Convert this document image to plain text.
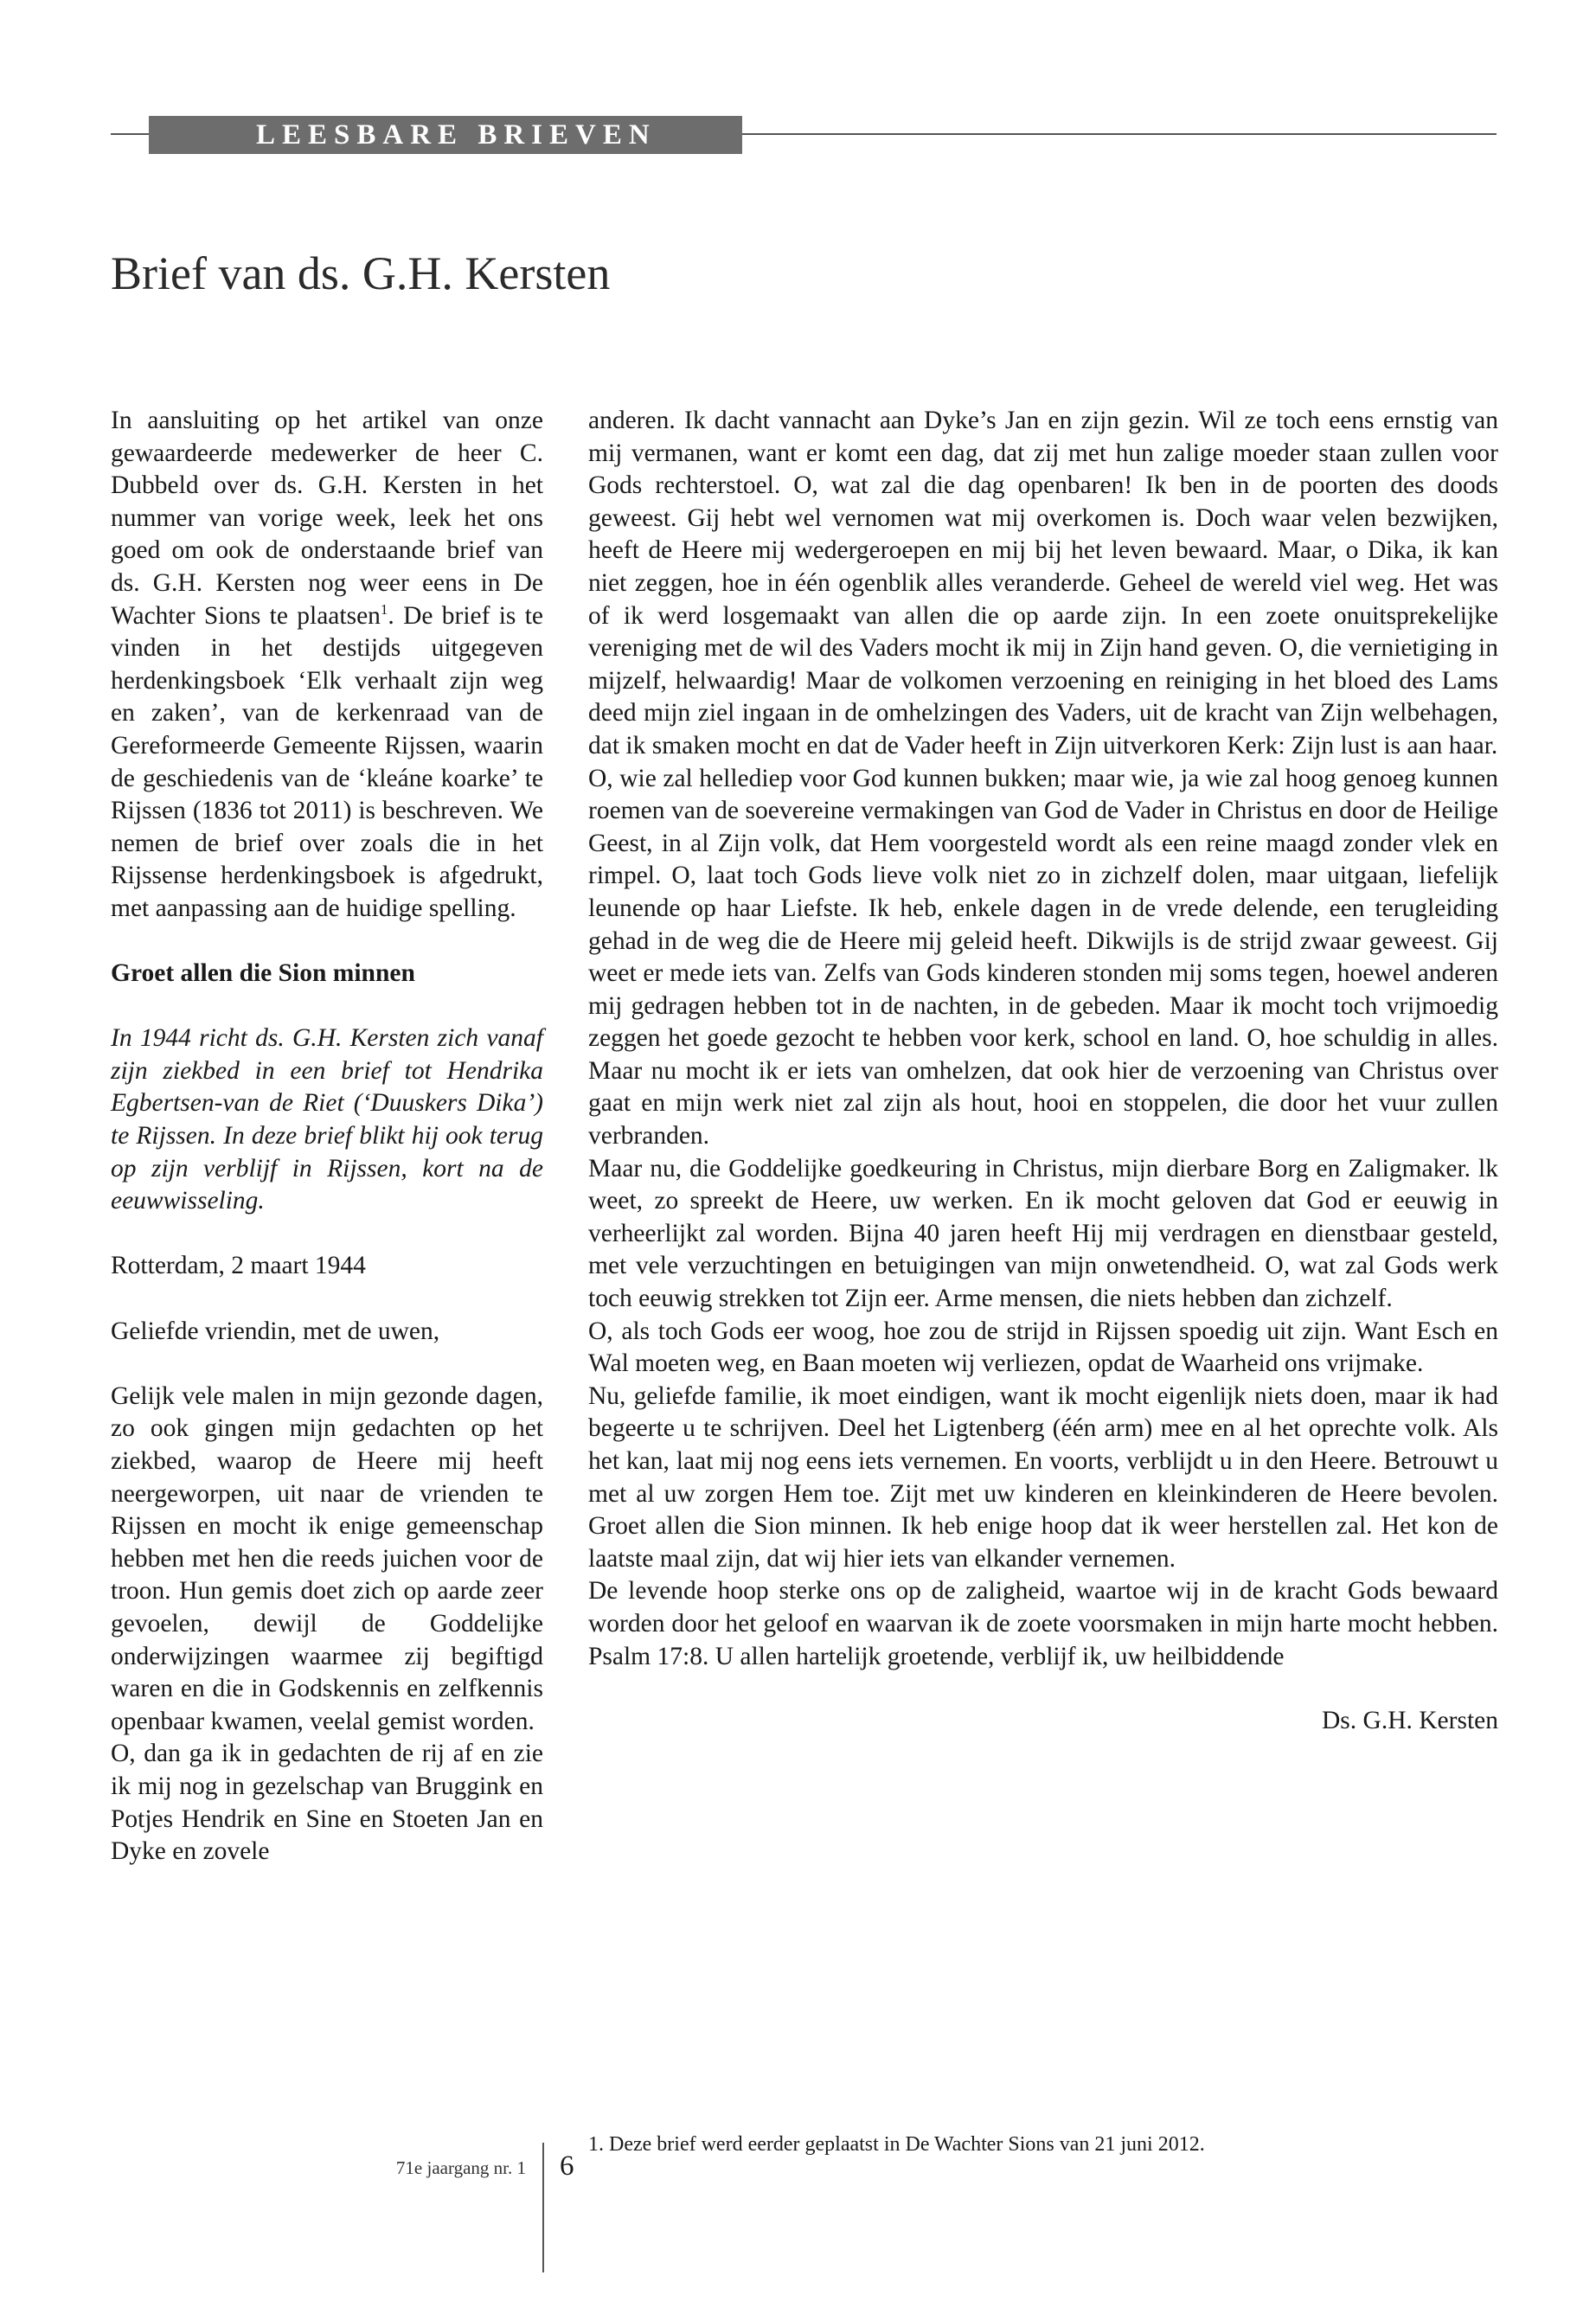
LEESBARE BRIEVEN
Brief van ds. G.H. Kersten

In aansluiting op het artikel van onze gewaardeerde medewerker de heer C. Dubbeld over ds. G.H. Kersten in het nummer van vorige week, leek het ons goed om ook de onderstaande brief van ds. G.H. Kersten nog weer eens in De Wachter Sions te plaatsen$^1$. De brief is te vinden in het destijds uitgegeven herdenkingsboek ‘Elk verhaalt zijn weg en zaken’, van de kerkenraad van de Gereformeerde Gemeente Rijssen, waarin de geschiedenis van de ‘kleáne koarke’ te Rijssen (1836 tot 2011) is beschreven. We nemen de brief over zoals die in het Rijssense herdenkingsboek is afgedrukt, met aanpassing aan de huidige spelling.

Groet allen die Sion minnen

In 1944 richt ds. G.H. Kersten zich vanaf zijn ziekbed in een brief tot Hendrika Egbertsen-van de Riet (‘Duuskers Dika’) te Rijssen. In deze brief blikt hij ook terug op zijn verblijf in Rijssen, kort na de eeuwwisseling.

Rotterdam, 2 maart 1944

Geliefde vriendin, met de uwen,

Gelijk vele malen in mijn gezonde dagen, zo ook gingen mijn gedachten op het ziekbed, waarop de Heere mij heeft neergeworpen, uit naar de vrienden te Rijssen en mocht ik enige gemeenschap hebben met hen die reeds juichen voor de troon. Hun gemis doet zich op aarde zeer gevoelen, dewijl de Goddelijke onderwijzingen waarmee zij begiftigd waren en die in Godskennis en zelfkennis openbaar kwamen, veelal gemist worden.

O, dan ga ik in gedachten de rij af en zie ik mij nog in gezelschap van Bruggink en Potjes Hendrik en Sine en Stoeten Jan en Dyke en zovele

anderen. Ik dacht vannacht aan Dyke’s Jan en zijn gezin. Wil ze toch eens ernstig van mij vermanen, want er komt een dag, dat zij met hun zalige moeder staan zullen voor Gods rechterstoel. O, wat zal die dag openbaren! Ik ben in de poorten des doods geweest. Gij hebt wel vernomen wat mij overkomen is. Doch waar velen bezwijken, heeft de Heere mij wedergeroepen en mij bij het leven bewaard. Maar, o Dika, ik kan niet zeggen, hoe in één ogenblik alles veranderde. Geheel de wereld viel weg. Het was of ik werd losgemaakt van allen die op aarde zijn. In een zoete onuitsprekelijke vereniging met de wil des Vaders mocht ik mij in Zijn hand geven. O, die vernietiging in mijzelf, helwaardig! Maar de volkomen verzoening en reiniging in het bloed des Lams deed mijn ziel ingaan in de omhelzingen des Vaders, uit de kracht van Zijn welbehagen, dat ik smaken mocht en dat de Vader heeft in Zijn uitverkoren Kerk: Zijn lust is aan haar.

O, wie zal hellediep voor God kunnen bukken; maar wie, ja wie zal hoog genoeg kunnen roemen van de soevereine vermakingen van God de Vader in Christus en door de Heilige Geest, in al Zijn volk, dat Hem voorgesteld wordt als een reine maagd zonder vlek en rimpel. O, laat toch Gods lieve volk niet zo in zichzelf dolen, maar uitgaan, liefelijk leunende op haar Liefste. Ik heb, enkele dagen in de vrede delende, een terugleiding gehad in de weg die de Heere mij geleid heeft. Dikwijls is de strijd zwaar geweest. Gij weet er mede iets van. Zelfs van Gods kinderen stonden mij soms tegen, hoewel anderen mij gedragen hebben tot in de nachten, in de gebeden. Maar ik mocht toch vrijmoedig zeggen het goede gezocht te hebben voor kerk, school en land. O, hoe schuldig in alles. Maar nu mocht ik er iets van omhelzen, dat ook hier de verzoening van Christus over gaat en mijn werk niet zal zijn als hout, hooi en stoppelen, die door het vuur zullen verbranden.

Maar nu, die Goddelijke goedkeuring in Christus, mijn dierbare Borg en Zaligmaker. lk weet, zo spreekt de Heere, uw werken. En ik mocht geloven dat God er eeuwig in verheerlijkt zal worden. Bijna 40 jaren heeft Hij mij verdragen en dienstbaar gesteld, met vele verzuchtingen en betuigingen van mijn onwetendheid. O, wat zal Gods werk toch eeuwig strekken tot Zijn eer. Arme mensen, die niets hebben dan zichzelf.

O, als toch Gods eer woog, hoe zou de strijd in Rijssen spoedig uit zijn. Want Esch en Wal moeten weg, en Baan moeten wij verliezen, opdat de Waarheid ons vrijmake.

Nu, geliefde familie, ik moet eindigen, want ik mocht eigenlijk niets doen, maar ik had begeerte u te schrijven. Deel het Ligtenberg (één arm) mee en al het oprechte volk. Als het kan, laat mij nog eens iets vernemen. En voorts, verblijdt u in den Heere. Betrouwt u met al uw zorgen Hem toe. Zijt met uw kinderen en kleinkinderen de Heere bevolen. Groet allen die Sion minnen. Ik heb enige hoop dat ik weer herstellen zal. Het kon de laatste maal zijn, dat wij hier iets van elkander vernemen.

De levende hoop sterke ons op de zaligheid, waartoe wij in de kracht Gods bewaard worden door het geloof en waarvan ik de zoete voorsmaken in mijn harte mocht hebben. Psalm 17:8. U allen hartelijk groetende, verblijf ik, uw heilbiddende

Ds. G.H. Kersten

1. Deze brief werd eerder geplaatst in De Wachter Sions van 21 juni 2012.
71e jaargang nr. 1 6
